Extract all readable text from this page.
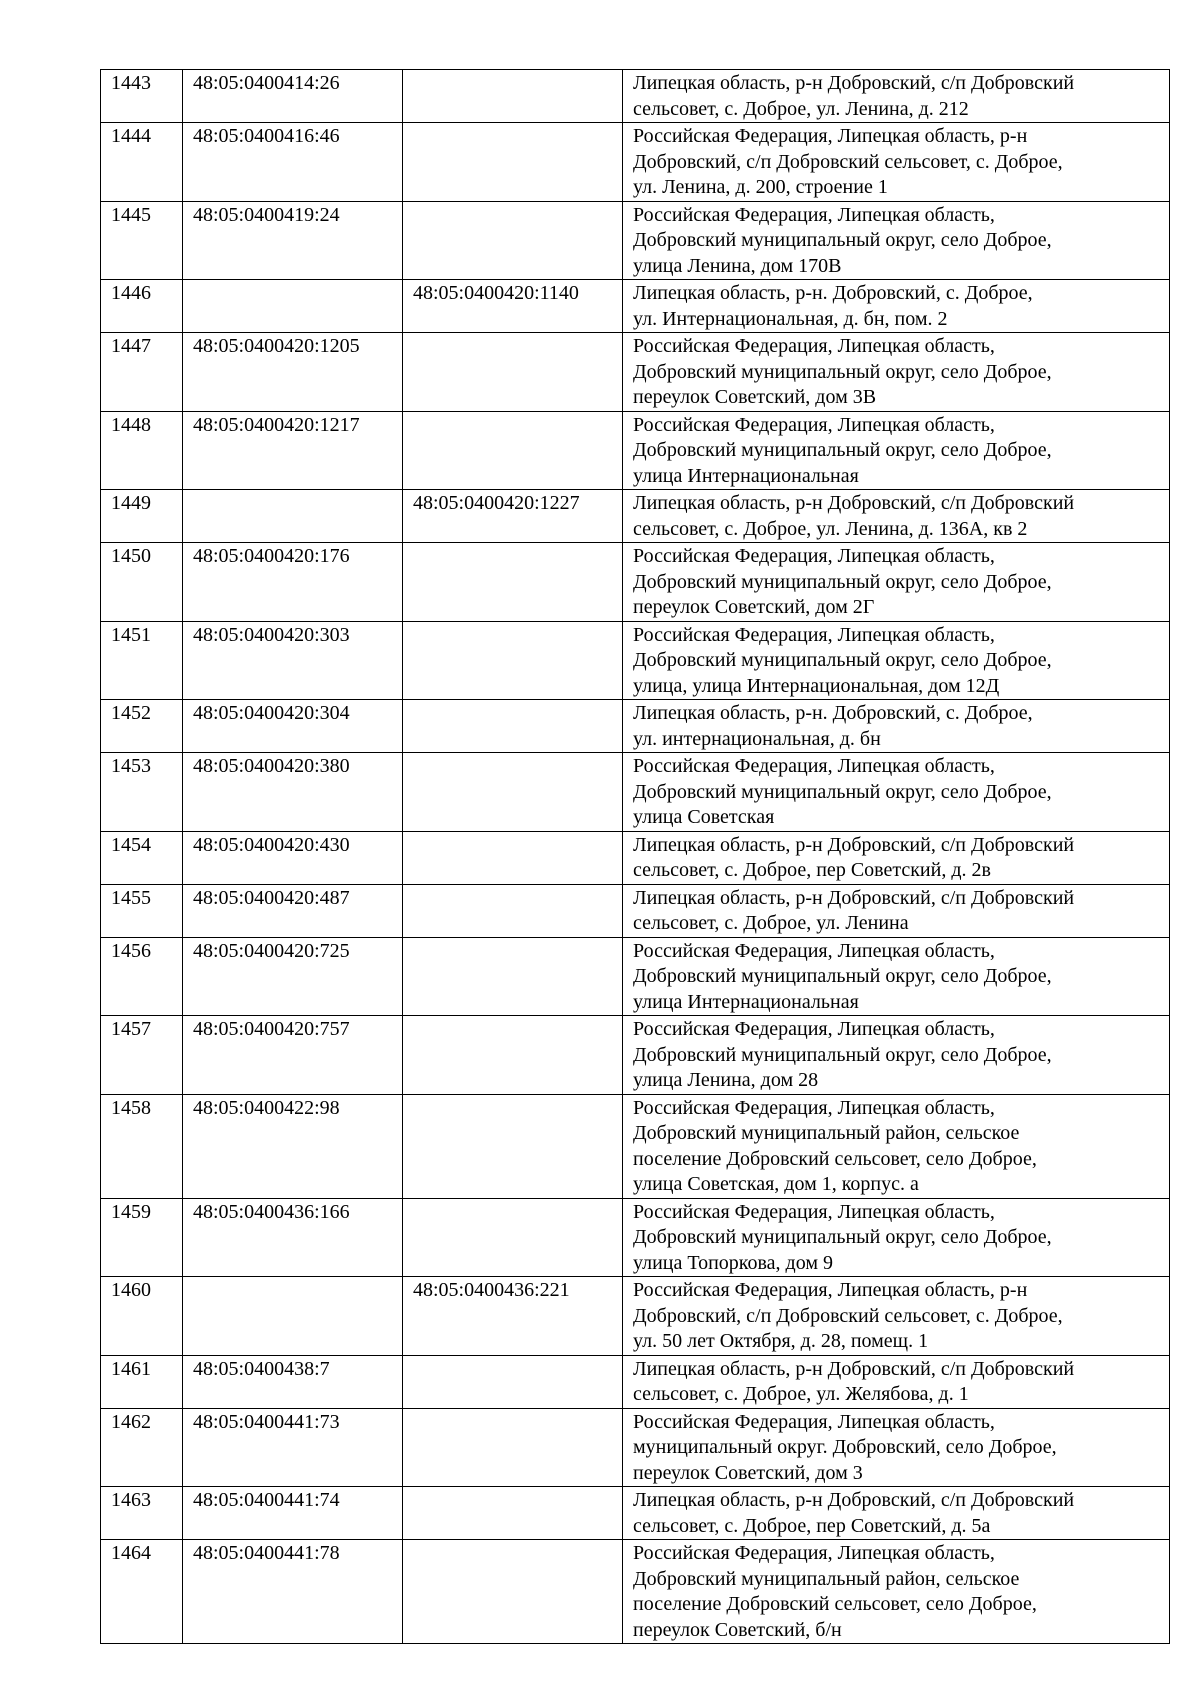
1443	48:05:0400414:26		Липецкая область, р-н Добровский, с/п Добровский
сельсовет, с. Доброе, ул. Ленина, д. 212

1444	48:05:0400416:46		Российская Федерация, Липецкая область, р-н
Добровский, с/п Добровский сельсовет, с. Доброе,
ул. Ленина, д. 200, строение 1

1445	48:05:0400419:24		Российская Федерация, Липецкая область,
Добровский муниципальный округ, село Доброе,
улица Ленина, дом 170В

1446		48:05:0400420:1140	Липецкая область, р-н. Добровский, с. Доброе,
ул. Интернациональная, д. бн, пом. 2

1447	48:05:0400420:1205		Российская Федерация, Липецкая область,
Добровский муниципальный округ, село Доброе,
переулок Советский, дом 3В

1448	48:05:0400420:1217		Российская Федерация, Липецкая область,
Добровский муниципальный округ, село Доброе,
улица Интернациональная

1449		48:05:0400420:1227	Липецкая область, р-н Добровский, с/п Добровский
сельсовет, с. Доброе, ул. Ленина, д. 136А, кв 2

1450	48:05:0400420:176		Российская Федерация, Липецкая область,
Добровский муниципальный округ, село Доброе,
переулок Советский, дом 2Г

1451	48:05:0400420:303		Российская Федерация, Липецкая область,
Добровский муниципальный округ, село Доброе,
улица, улица Интернациональная, дом 12Д

1452	48:05:0400420:304		Липецкая область, р-н. Добровский, с. Доброе,
ул. интернациональная, д. бн

1453	48:05:0400420:380		Российская Федерация, Липецкая область,
Добровский муниципальный округ, село Доброе,
улица Советская

1454	48:05:0400420:430		Липецкая область, р-н Добровский, с/п Добровский
сельсовет, с. Доброе, пер Советский, д. 2в

1455	48:05:0400420:487		Липецкая область, р-н Добровский, с/п Добровский
сельсовет, с. Доброе, ул. Ленина

1456	48:05:0400420:725		Российская Федерация, Липецкая область,
Добровский муниципальный округ, село Доброе,
улица Интернациональная

1457	48:05:0400420:757		Российская Федерация, Липецкая область,
Добровский муниципальный округ, село Доброе,
улица Ленина, дом 28

1458	48:05:0400422:98		Российская Федерация, Липецкая область,
Добровский муниципальный район, сельское
поселение Добровский сельсовет, село Доброе,
улица Советская, дом 1, корпус. а

1459	48:05:0400436:166		Российская Федерация, Липецкая область,
Добровский муниципальный округ, село Доброе,
улица Топоркова, дом 9

1460		48:05:0400436:221	Российская Федерация, Липецкая область, р-н
Добровский, с/п Добровский сельсовет, с. Доброе,
ул. 50 лет Октября, д. 28, помещ. 1

1461	48:05:0400438:7		Липецкая область, р-н Добровский, с/п Добровский
сельсовет, с. Доброе, ул. Желябова, д. 1

1462	48:05:0400441:73		Российская Федерация, Липецкая область,
муниципальный округ. Добровский, село Доброе,
переулок Советский, дом 3

1463	48:05:0400441:74		Липецкая область, р-н Добровский, с/п Добровский
сельсовет, с. Доброе, пер Советский, д. 5а

1464	48:05:0400441:78		Российская Федерация, Липецкая область,
Добровский муниципальный район, сельское
поселение Добровский сельсовет, село Доброе,
переулок Советский, б/н
